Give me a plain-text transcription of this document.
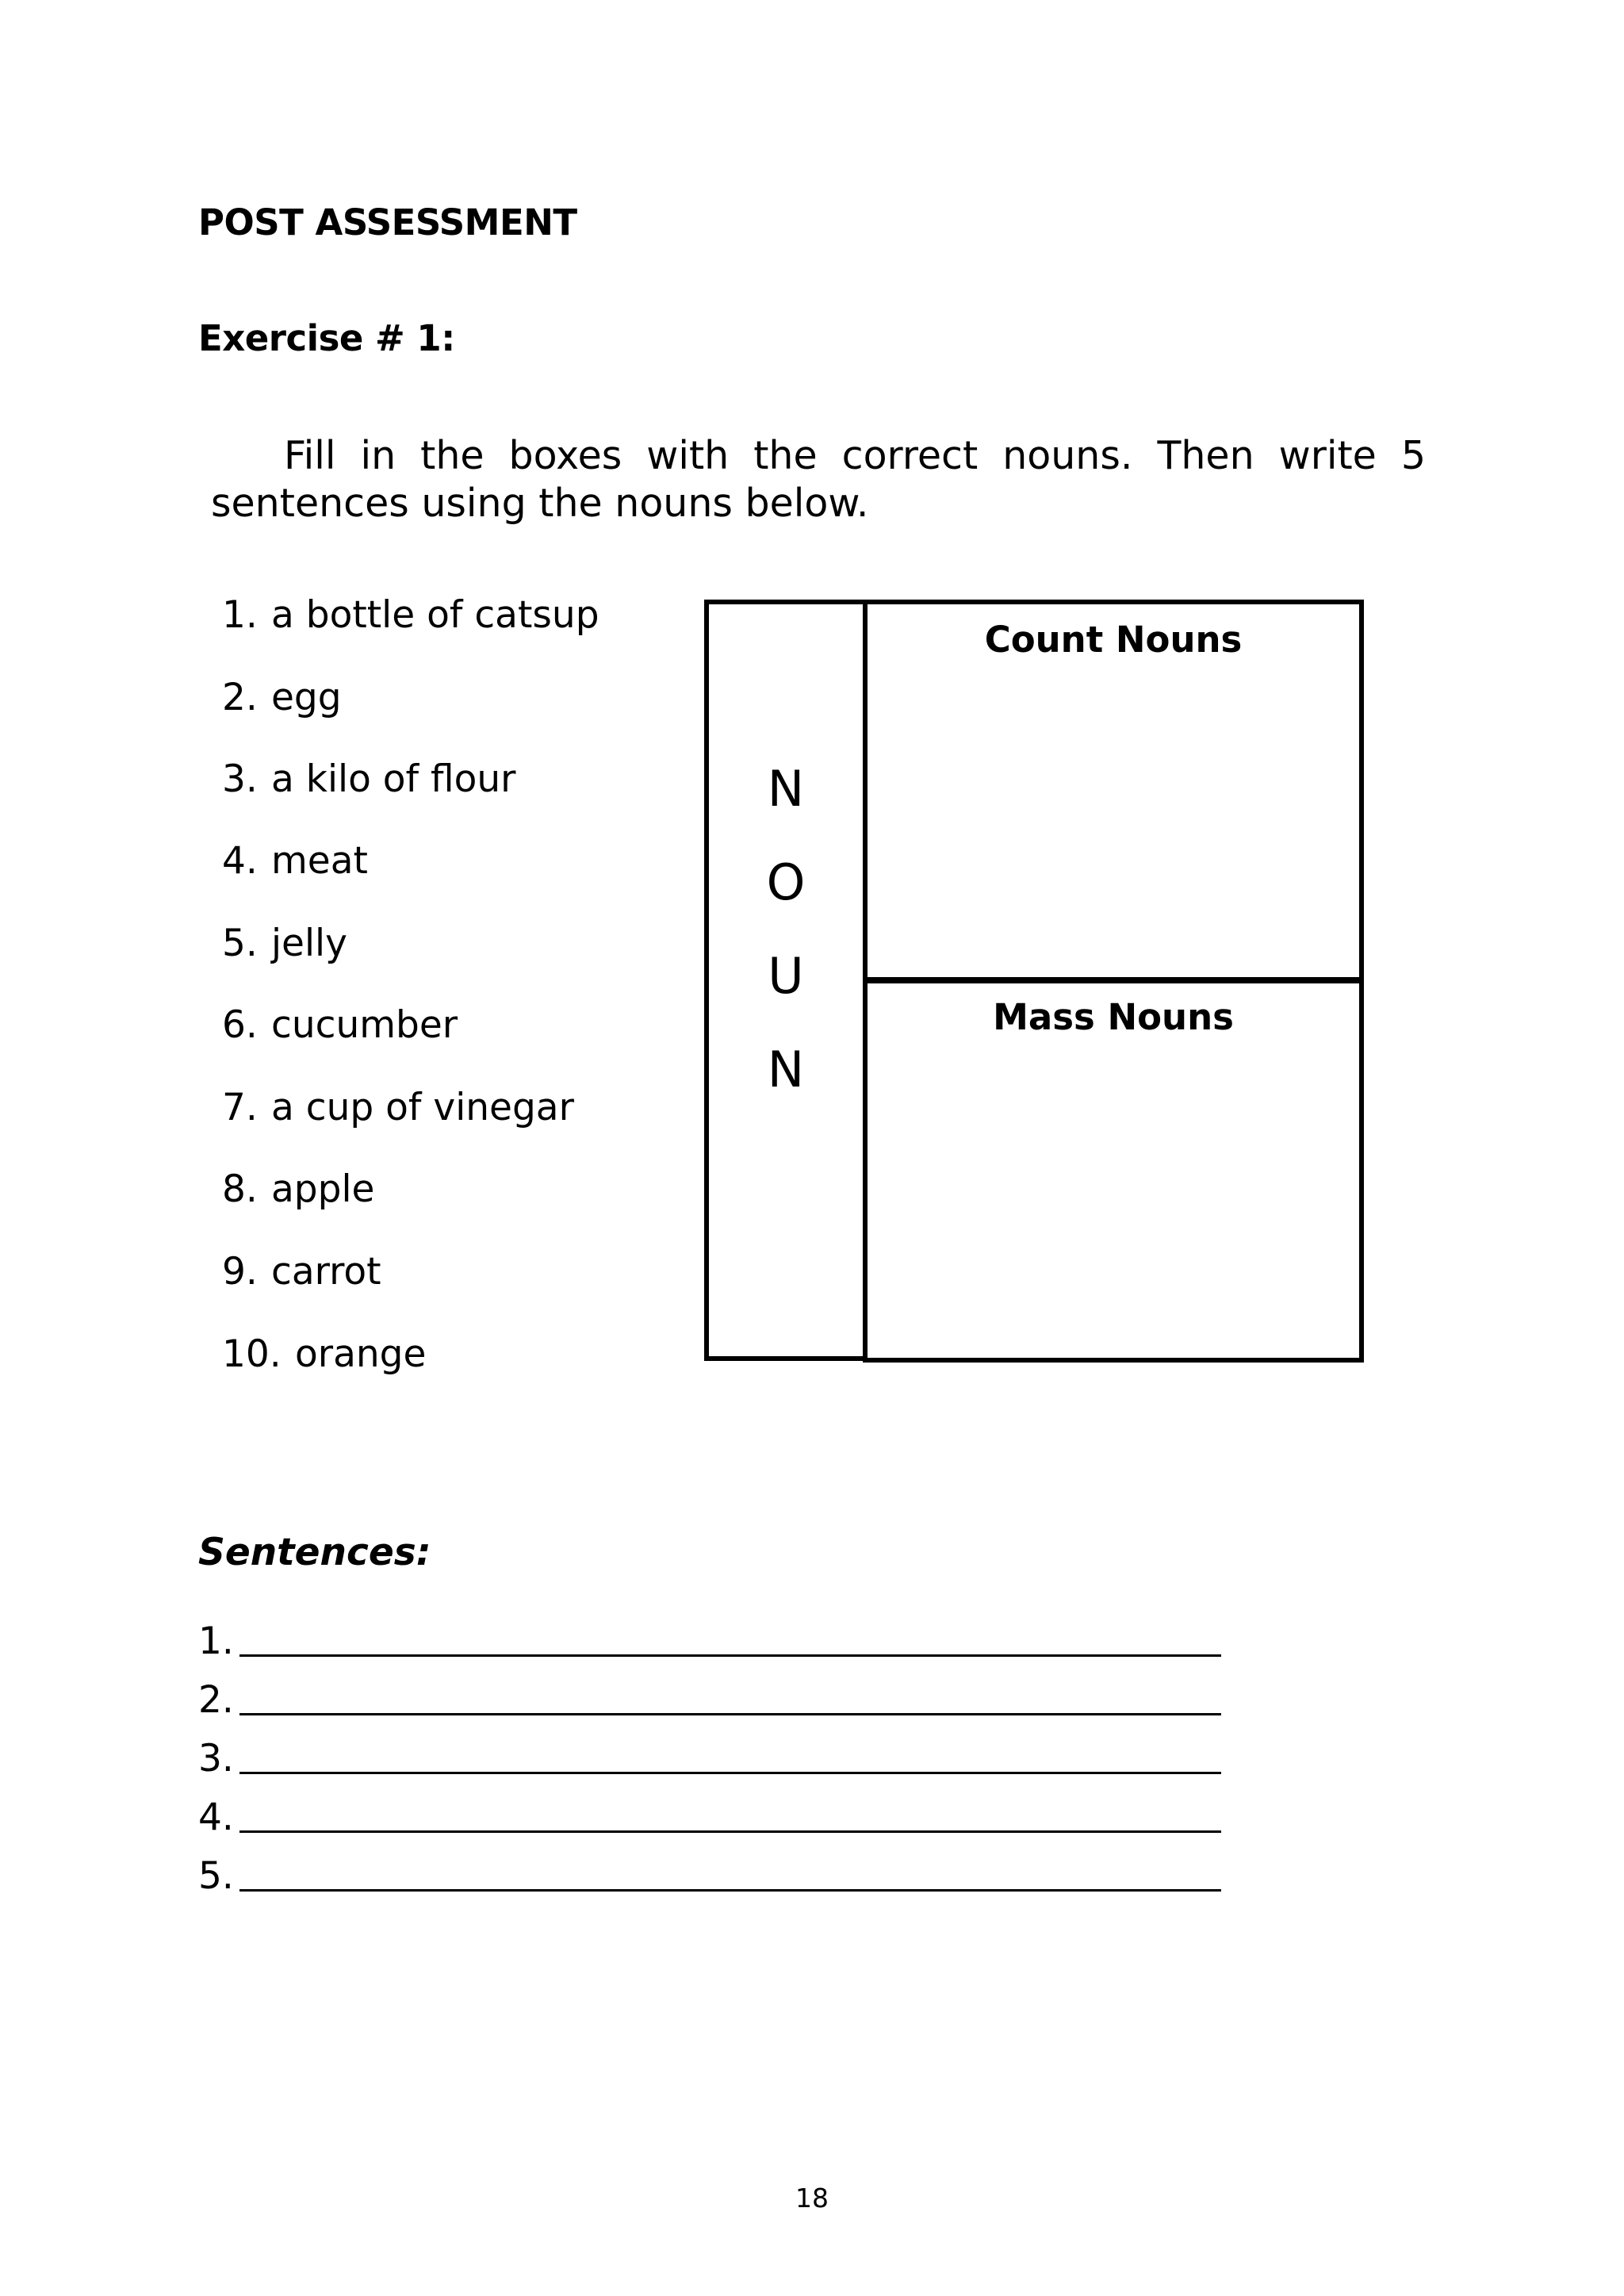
POST ASSESSMENT
Exercise # 1:
Fill in the boxes with the correct nouns. Then write 5
sentences using the nouns below.
1. a bottle of catsup
2. egg
3. a kilo of flour
4. meat
5. jelly
6. cucumber
7. a cup of vinegar
8. apple
9. carrot
10. orange
N
O
U
N
Count Nouns
Mass Nouns
Sentences:
1.
2.
3.
4.
5.
18
